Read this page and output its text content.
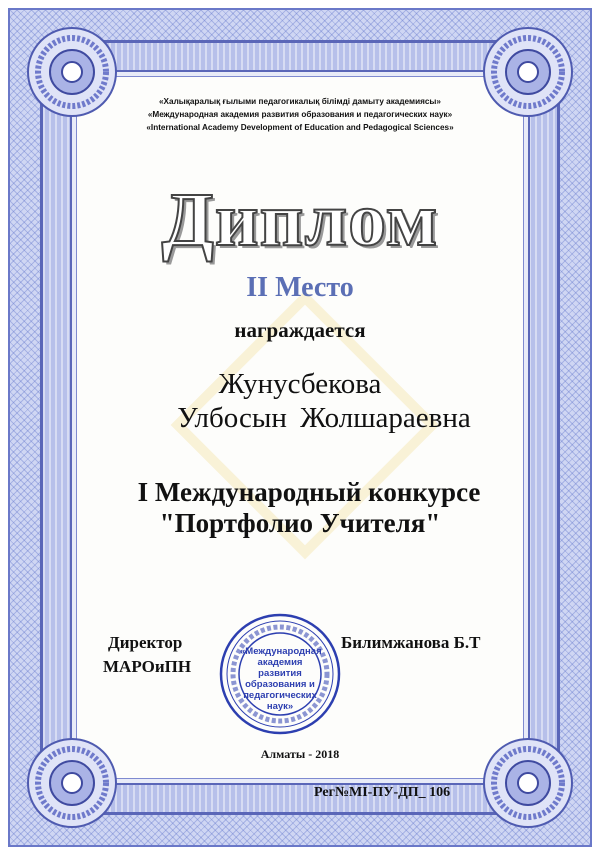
«Халықаралық ғылыми педагогикалық білімді дамыту академиясы»
«Международная академия развития образования и педагогических наук»
«International Academy Development of Education and Pedagogical Sciences»
Диплом
II Место
награждается
Жунусбекова
Улбосын Жолшараевна
I Международный конкурсе
"Портфолио Учителя"
Директор
МАРОиПН
Билимжанова Б.Т
«Международная академия развития образования и педагогических наук»
Алматы - 2018
Рег№МІ-ПУ-ДП_ 106
